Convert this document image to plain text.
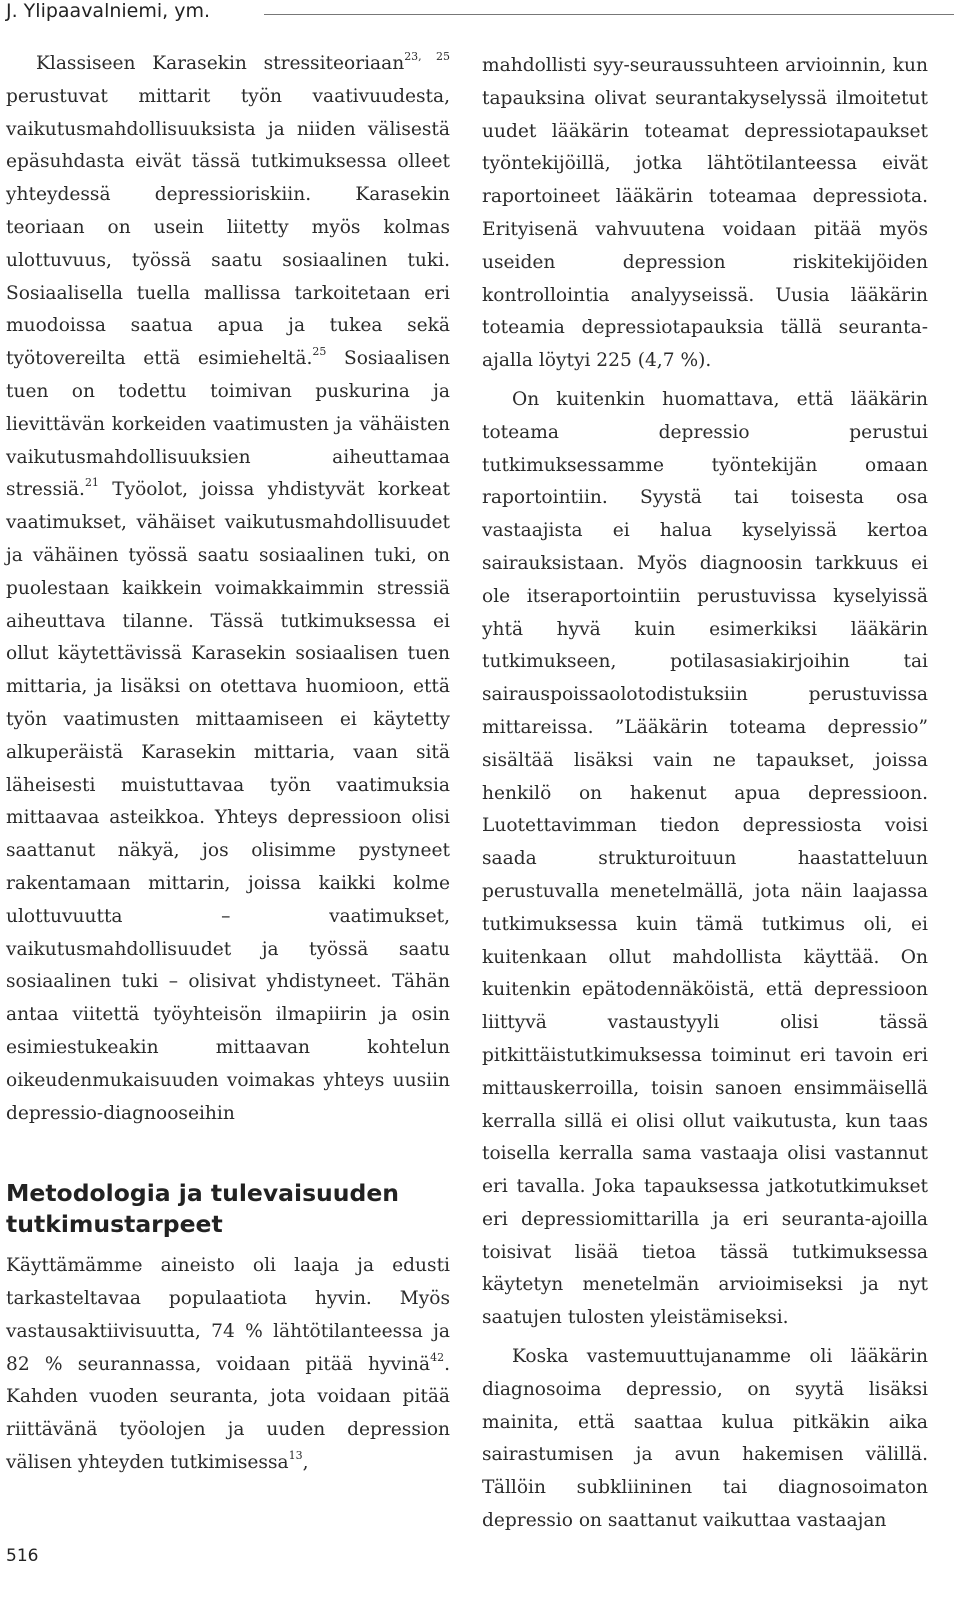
J. Ylipaavalniemi, ym.

Klassiseen Karasekin stressiteoriaan$^{23, 25}$ perustuvat mittarit työn vaativuudesta, vaikutusmahdollisuuksista ja niiden välisestä epäsuhdasta eivät tässä tutkimuksessa olleet yhteydessä depressioriskiin. Karasekin teoriaan on usein liitetty myös kolmas ulottuvuus, työssä saatu sosiaalinen tuki. Sosiaalisella tuella mallissa tarkoitetaan eri muodoissa saatua apua ja tukea sekä työtovereilta että esimieheltä.$^{25}$ Sosiaalisen tuen on todettu toimivan puskurina ja lievittävän korkeiden vaatimusten ja vähäisten vaikutusmahdollisuuksien aiheuttamaa stressiä.$^{21}$ Työolot, joissa yhdistyvät korkeat vaatimukset, vähäiset vaikutusmahdollisuudet ja vähäinen työssä saatu sosiaalinen tuki, on puolestaan kaikkein voimakkaimmin stressiä aiheuttava tilanne. Tässä tutkimuksessa ei ollut käytettävissä Karasekin sosiaalisen tuen mittaria, ja lisäksi on otettava huomioon, että työn vaatimusten mittaamiseen ei käytetty alkuperäistä Karasekin mittaria, vaan sitä läheisesti muistuttavaa työn vaatimuksia mittaavaa asteikkoa. Yhteys depressioon olisi saattanut näkyä, jos olisimme pystyneet rakentamaan mittarin, joissa kaikki kolme ulottuvuutta – vaatimukset, vaikutusmahdollisuudet ja työssä saatu sosiaalinen tuki – olisivat yhdistyneet. Tähän antaa viitettä työyhteisön ilmapiirin ja osin esimiestukeakin mittaavan kohtelun oikeudenmukaisuuden voimakas yhteys uusiin depressio-diagnooseihin

Metodologia ja tulevaisuuden tutkimustarpeet

Käyttämämme aineisto oli laaja ja edusti tarkasteltavaa populaatiota hyvin. Myös vastausaktiivisuutta, 74 % lähtötilanteessa ja 82 % seurannassa, voidaan pitää hyvinä$^{42}$. Kahden vuoden seuranta, jota voidaan pitää riittävänä työolojen ja uuden depression välisen yhteyden tutkimisessa$^{13}$,

mahdollisti syy-seuraussuhteen arvioinnin, kun tapauksina olivat seurantakyselyssä ilmoitetut uudet lääkärin toteamat depressiotapaukset työntekijöillä, jotka lähtötilanteessa eivät raportoineet lääkärin toteamaa depressiota. Erityisenä vahvuutena voidaan pitää myös useiden depression riskitekijöiden kontrollointia analyyseissä. Uusia lääkärin toteamia depressiotapauksia tällä seuranta-ajalla löytyi 225 (4,7 %).

On kuitenkin huomattava, että lääkärin toteama depressio perustui tutkimuksessamme työntekijän omaan raportointiin. Syystä tai toisesta osa vastaajista ei halua kyselyissä kertoa sairauksistaan. Myös diagnoosin tarkkuus ei ole itseraportointiin perustuvissa kyselyissä yhtä hyvä kuin esimerkiksi lääkärin tutkimukseen, potilasasiakirjoihin tai sairauspoissaolotodistuksiin perustuvissa mittareissa. ”Lääkärin toteama depressio” sisältää lisäksi vain ne tapaukset, joissa henkilö on hakenut apua depressioon. Luotettavimman tiedon depressiosta voisi saada strukturoituun haastatteluun perustuvalla menetelmällä, jota näin laajassa tutkimuksessa kuin tämä tutkimus oli, ei kuitenkaan ollut mahdollista käyttää. On kuitenkin epätodennäköistä, että depressioon liittyvä vastaustyyli olisi tässä pitkittäistutkimuksessa toiminut eri tavoin eri mittauskerroilla, toisin sanoen ensimmäisellä kerralla sillä ei olisi ollut vaikutusta, kun taas toisella kerralla sama vastaaja olisi vastannut eri tavalla. Joka tapauksessa jatkotutkimukset eri depressiomittarilla ja eri seuranta-ajoilla toisivat lisää tietoa tässä tutkimuksessa käytetyn menetelmän arvioimiseksi ja nyt saatujen tulosten yleistämiseksi.

Koska vastemuuttujanamme oli lääkärin diagnosoima depressio, on syytä lisäksi mainita, että saattaa kulua pitkäkin aika sairastumisen ja avun hakemisen välillä. Tällöin subkliininen tai diagnosoimaton depressio on saattanut vaikuttaa vastaajan

516
